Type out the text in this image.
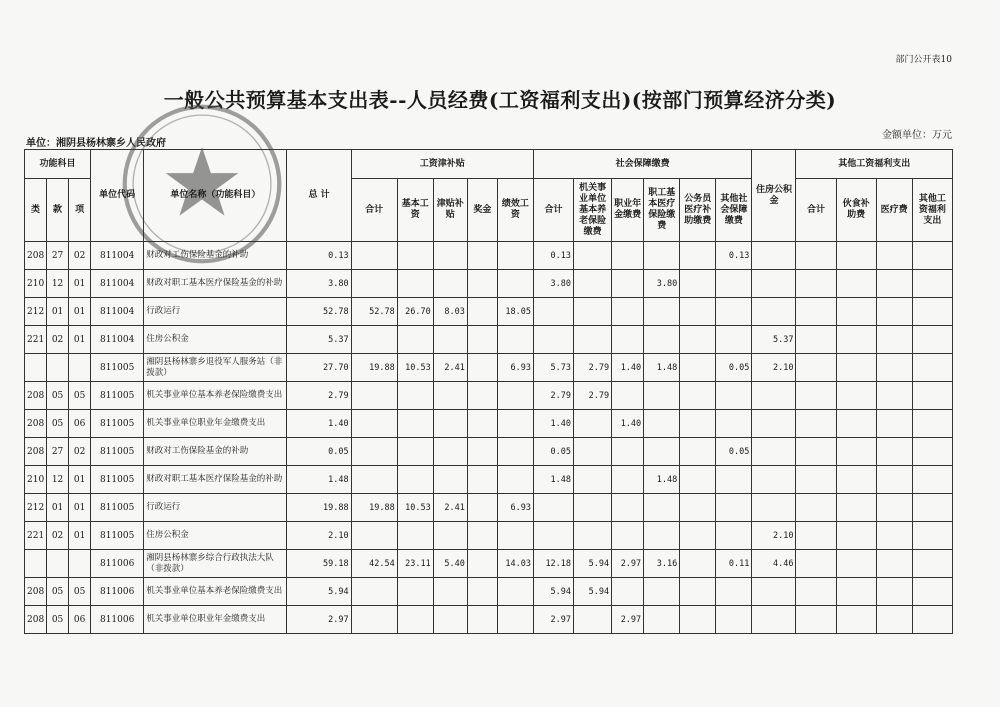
部门公开表10
一般公共预算基本支出表--人员经费(工资福利支出)(按部门预算经济分类)
单位：湘阴县杨林寨乡人民政府
金额单位：万元
功能科目			单位代码	单位名称（功能科目）	总 计	工资津补贴					社会保障缴费						住房公积金	其他工资福利支出			
类	款	项				合计	基本工资	津贴补贴	奖金	绩效工资	合计	机关事业单位基本养老保险缴费	职业年金缴费	职工基本医疗保险缴费	公务员医疗补助缴费	其他社会保障缴费		合计	伙食补助费	医疗费	其他工资福利支出
208	27	02	811004	财政对工伤保险基金的补助	0.13						0.13					0.13					
210	12	01	811004	财政对职工基本医疗保险基金的补助	3.80						3.80			3.80							
212	01	01	811004	行政运行	52.78	52.78	26.70	8.03		18.05											
221	02	01	811004	住房公积金	5.37												5.37				
			811005	湘阴县杨林寨乡退役军人服务站（非拨款）	27.70	19.88	10.53	2.41		6.93	5.73	2.79	1.40	1.48		0.05	2.10				
208	05	05	811005	机关事业单位基本养老保险缴费支出	2.79						2.79	2.79									
208	05	06	811005	机关事业单位职业年金缴费支出	1.40						1.40		1.40								
208	27	02	811005	财政对工伤保险基金的补助	0.05						0.05					0.05					
210	12	01	811005	财政对职工基本医疗保险基金的补助	1.48						1.48			1.48							
212	01	01	811005	行政运行	19.88	19.88	10.53	2.41		6.93											
221	02	01	811005	住房公积金	2.10												2.10				
			811006	湘阴县杨林寨乡综合行政执法大队（非拨款）	59.18	42.54	23.11	5.40		14.03	12.18	5.94	2.97	3.16		0.11	4.46				
208	05	05	811006	机关事业单位基本养老保险缴费支出	5.94						5.94	5.94									
208	05	06	811006	机关事业单位职业年金缴费支出	2.97						2.97		2.97								
